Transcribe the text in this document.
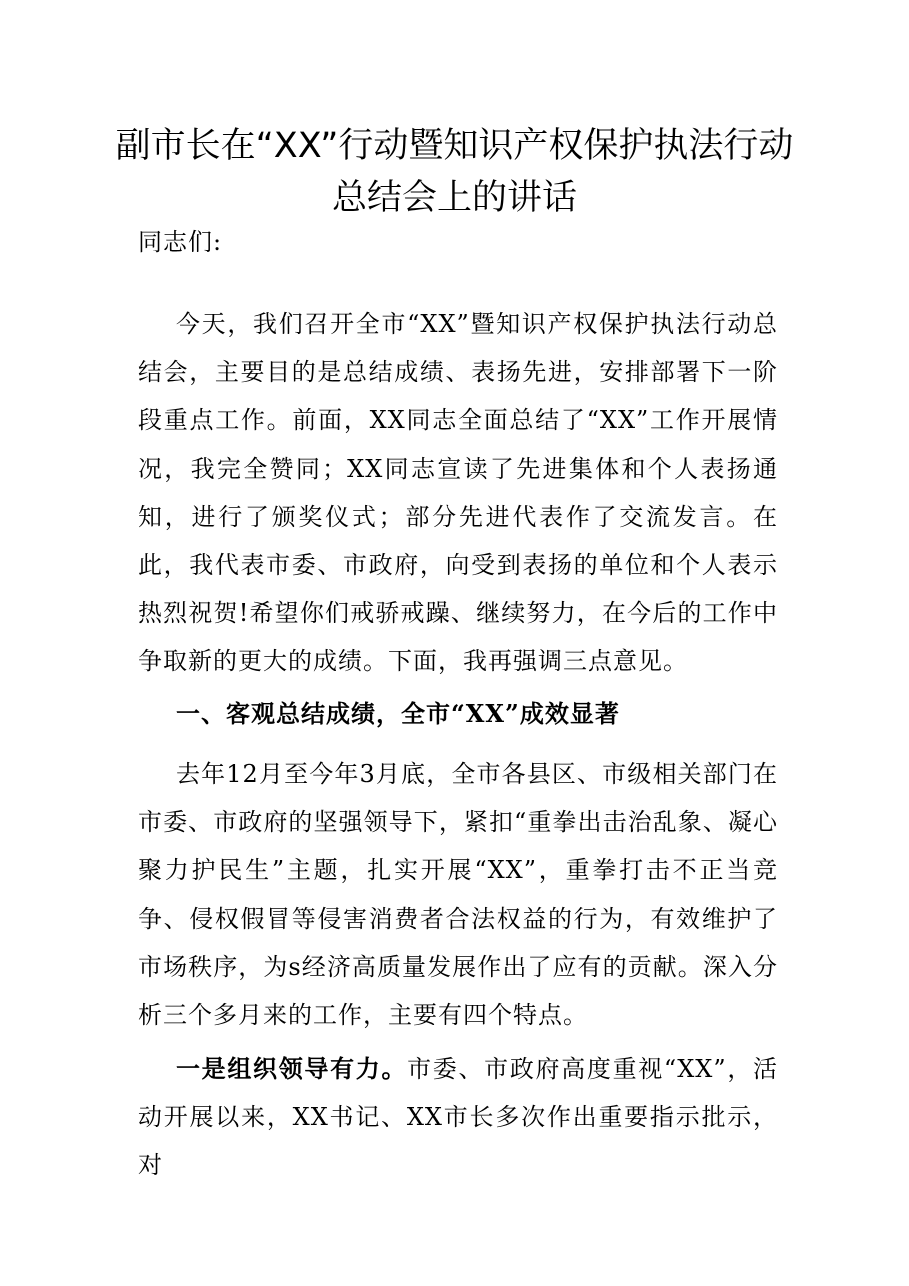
副市长在“XX”行动暨知识产权保护执法行动总结会上的讲话

同志们:

今天，我们召开全市“XX”暨知识产权保护执法行动总结会，主要目的是总结成绩、表扬先进，安排部署下一阶段重点工作。前面，XX同志全面总结了“XX”工作开展情况，我完全赞同；XX同志宣读了先进集体和个人表扬通知，进行了颁奖仪式；部分先进代表作了交流发言。在此，我代表市委、市政府，向受到表扬的单位和个人表示热烈祝贺!希望你们戒骄戒躁、继续努力，在今后的工作中争取新的更大的成绩。下面，我再强调三点意见。

一、客观总结成绩，全市“XX”成效显著

去年12月至今年3月底，全市各县区、市级相关部门在市委、市政府的坚强领导下，紧扣“重拳出击治乱象、凝心聚力护民生”主题，扎实开展“XX”，重拳打击不正当竞争、侵权假冒等侵害消费者合法权益的行为，有效维护了市场秩序，为s经济高质量发展作出了应有的贡献。深入分析三个多月来的工作，主要有四个特点。

一是组织领导有力。市委、市政府高度重视“XX”，活动开展以来，XX书记、XX市长多次作出重要指示批示，对
